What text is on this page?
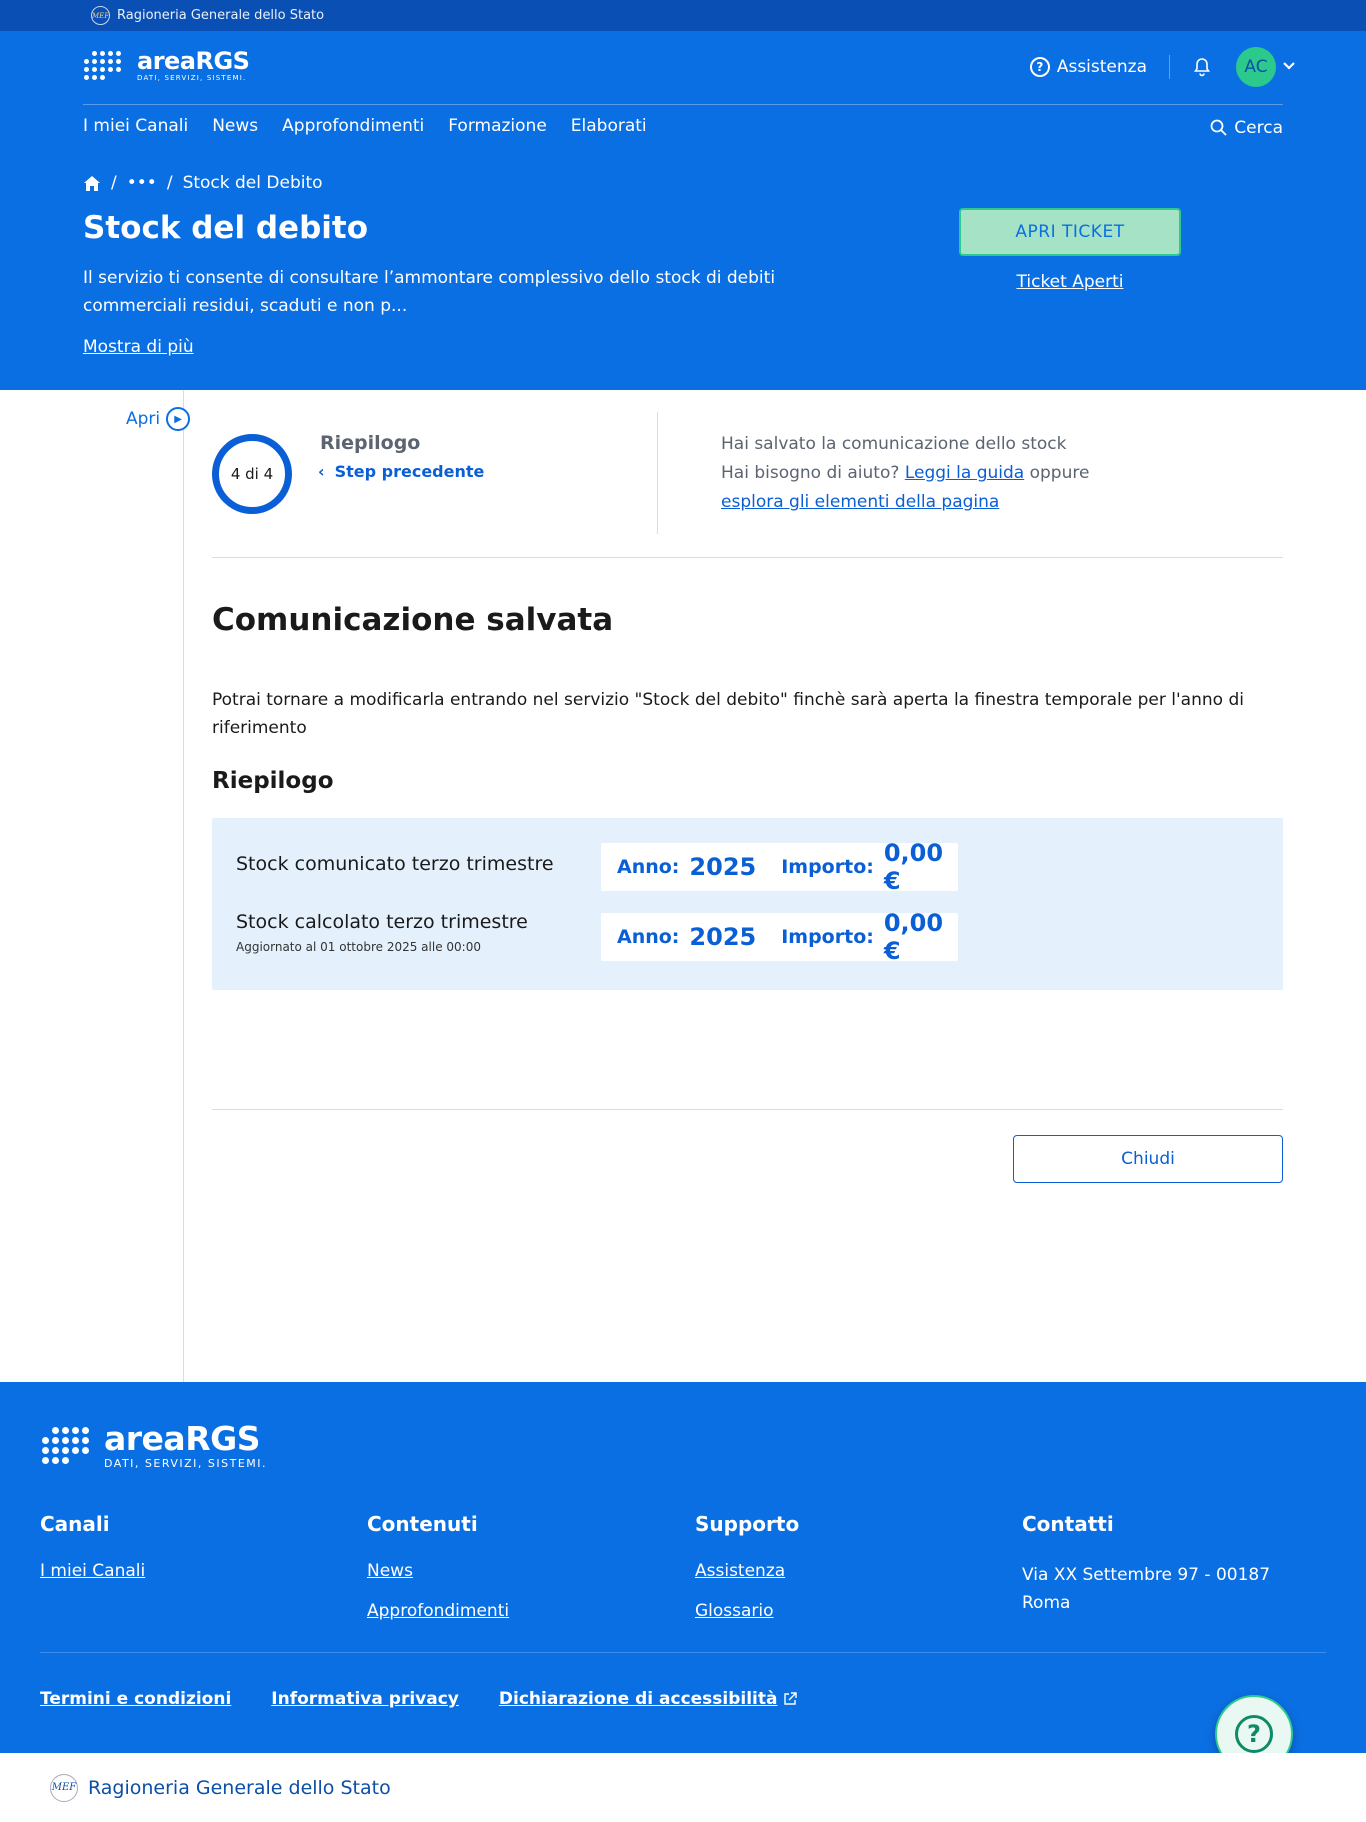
MEF Ragioneria Generale dello Stato
areaRGS
DATI, SERVIZI, SISTEMI.
? Assistenza	AC
I miei Canali News Approfondimenti Formazione Elaborati	Cerca
/ ••• / Stock del Debito
Stock del debito

Il servizio ti consente di consultare l’ammontare complessivo dello stock di debiti commerciali residui, scaduti e non p...

Mostra di più
APRI TICKET
Ticket Aperti
Apri	▶
4 di 4
Riepilogo
‹ Step precedente
Hai salvato la comunicazione dello stock
Hai bisogno di aiuto? Leggi la guida oppure
esplora gli elementi della pagina
Comunicazione salvata

Potrai tornare a modificarla entrando nel servizio "Stock del debito" finchè sarà aperta la finestra temporale per l'anno di riferimento

Riepilogo
Stock comunicato terzo trimestre	Anno: 2025 Importo: 0,00 €
Stock calcolato terzo trimestre
Aggiornato al 01 ottobre 2025 alle 00:00	Anno: 2025 Importo: 0,00 €
Chiudi
areaRGS
DATI, SERVIZI, SISTEMI.
Canali
I miei Canali
Contenuti
News
Approfondimenti
Supporto
Assistenza
Glossario
Contatti

Via XX Settembre 97 - 00187 Roma

Termini e condizioni Informativa privacy Dichiarazione di accessibilità
?
MEF Ragioneria Generale dello Stato
